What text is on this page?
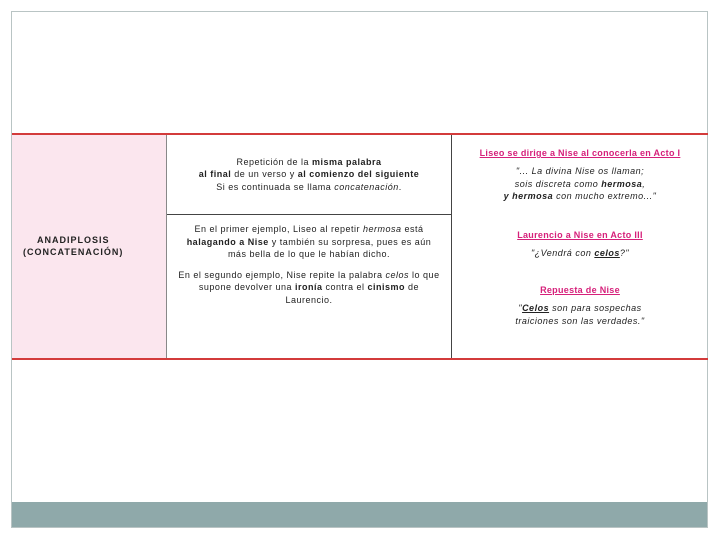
ANADIPLOSIS
(CONCATENACIÓN)
Repetición de la misma palabra
al final de un verso y al comienzo del siguiente
Si es continuada se llama concatenación.
En el primer ejemplo, Liseo al repetir hermosa está
halagando a Nise y también su sorpresa, pues es aún
más bella de lo que le habían dicho.
En el segundo ejemplo, Nise repite la palabra celos lo que
supone devolver una ironía contra el cinismo de
Laurencio.
Liseo se dirige a Nise al conocerla en Acto I
"... La divina Nise os llaman;
sois discreta como hermosa,
y hermosa con mucho extremo..."
Laurencio a Nise en Acto III
"¿Vendrá con celos?"
Repuesta de Nise
"Celos son para sospechas
traiciones son las verdades."
